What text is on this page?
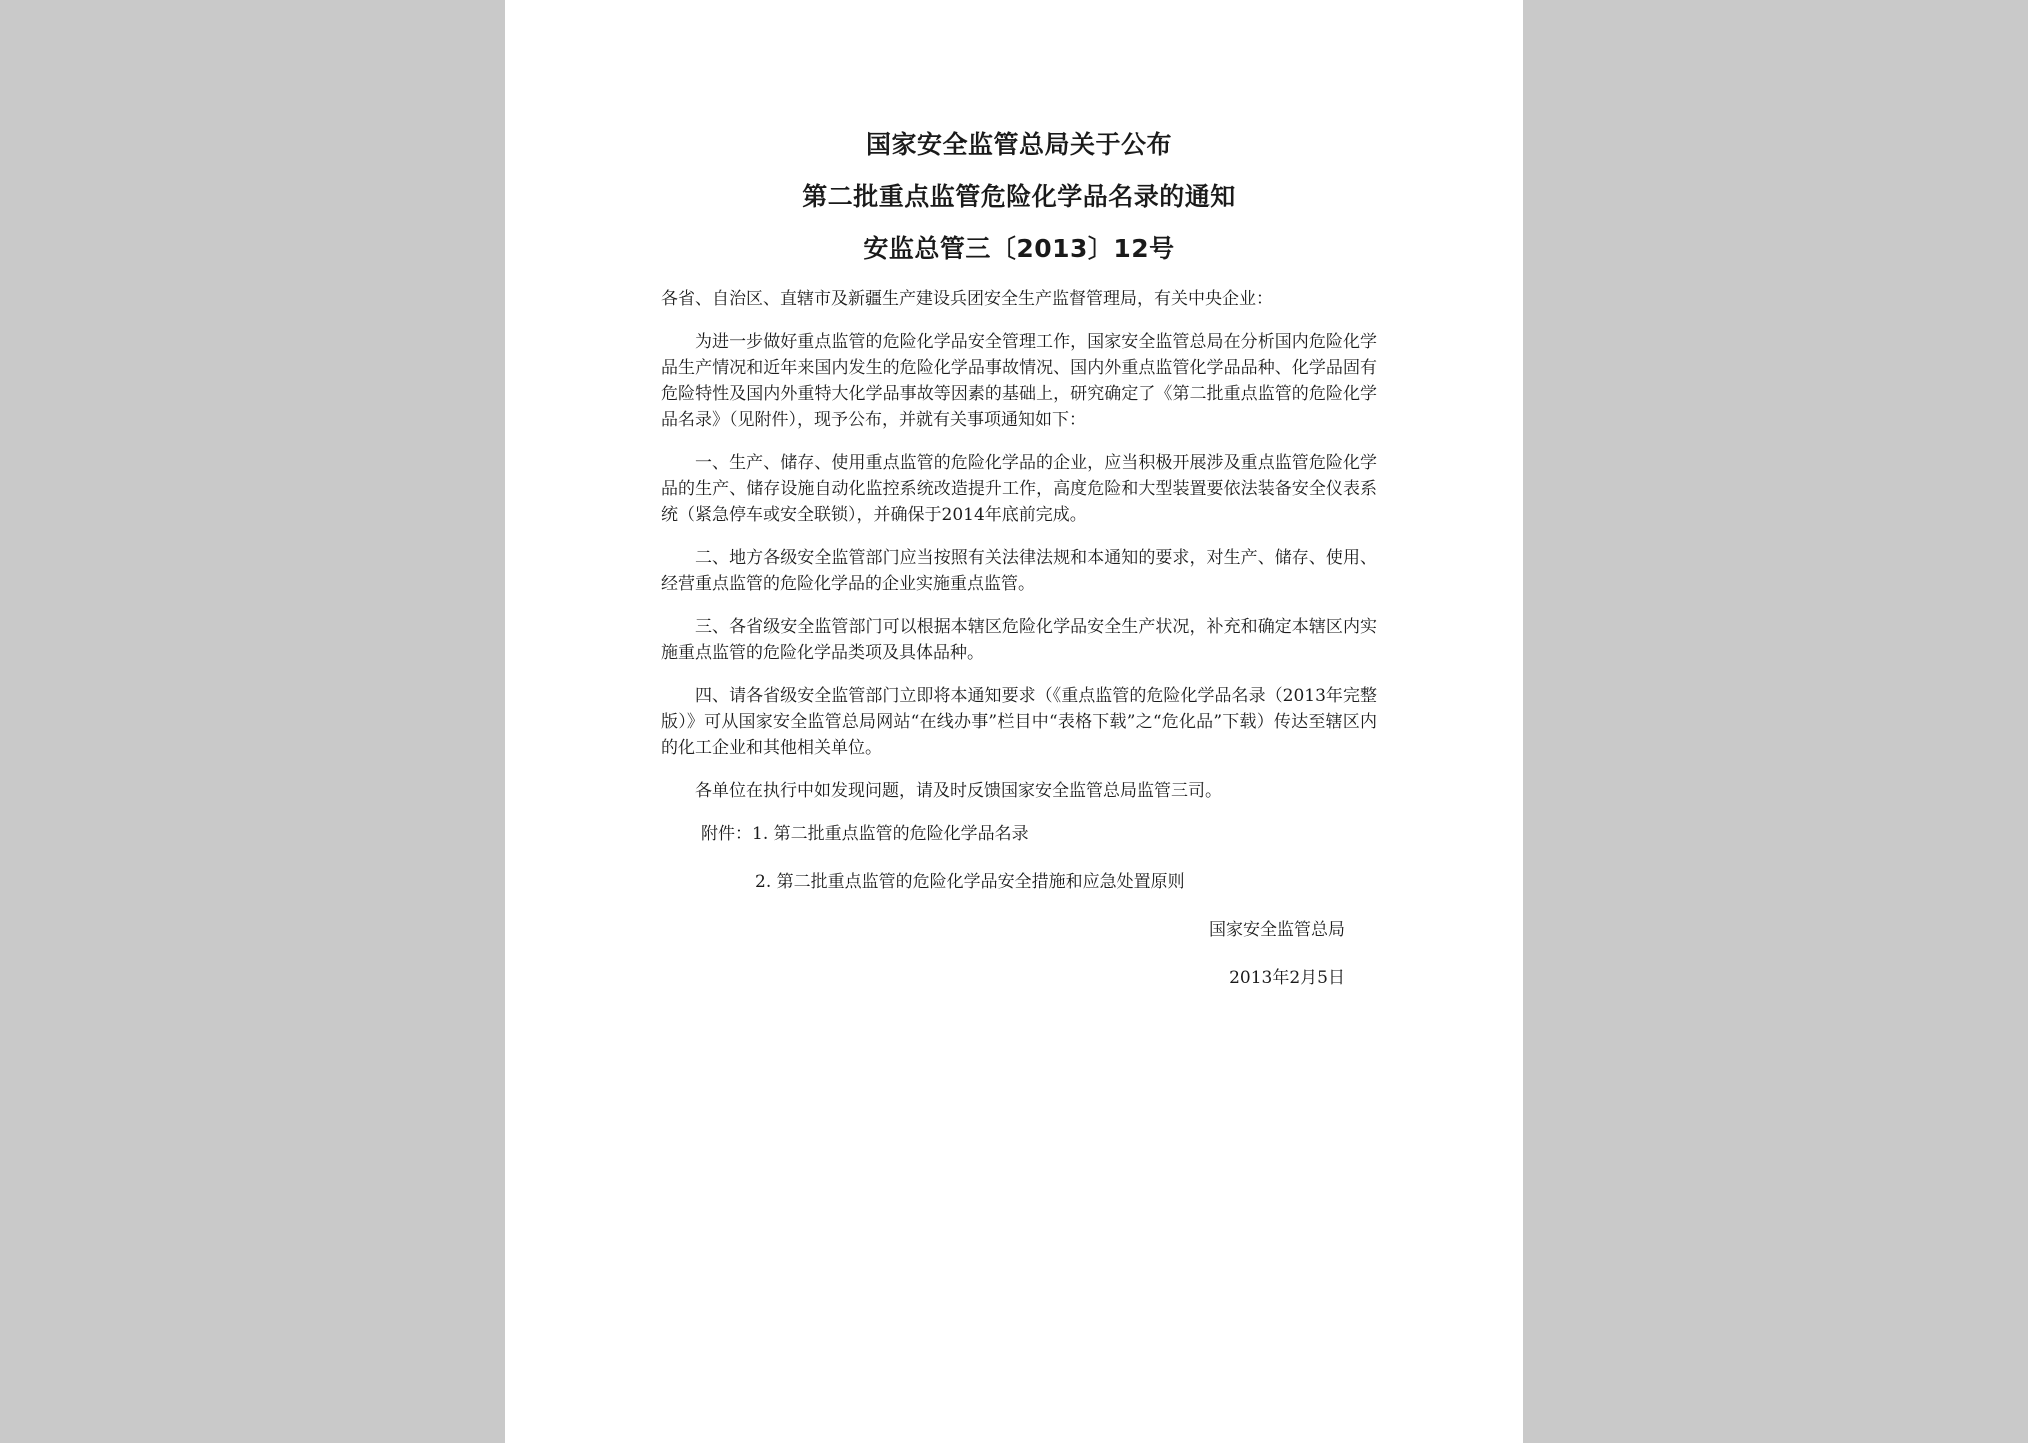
国家安全监管总局关于公布
第二批重点监管危险化学品名录的通知
安监总管三〔2013〕12号

各省、自治区、直辖市及新疆生产建设兵团安全生产监督管理局，有关中央企业：

为进一步做好重点监管的危险化学品安全管理工作，国家安全监管总局在分析国内危险化学品生产情况和近年来国内发生的危险化学品事故情况、国内外重点监管化学品品种、化学品固有危险特性及国内外重特大化学品事故等因素的基础上，研究确定了《第二批重点监管的危险化学品名录》（见附件），现予公布，并就有关事项通知如下：

一、生产、储存、使用重点监管的危险化学品的企业，应当积极开展涉及重点监管危险化学品的生产、储存设施自动化监控系统改造提升工作，高度危险和大型装置要依法装备安全仪表系统（紧急停车或安全联锁），并确保于2014年底前完成。

二、地方各级安全监管部门应当按照有关法律法规和本通知的要求，对生产、储存、使用、经营重点监管的危险化学品的企业实施重点监管。

三、各省级安全监管部门可以根据本辖区危险化学品安全生产状况，补充和确定本辖区内实施重点监管的危险化学品类项及具体品种。

四、请各省级安全监管部门立即将本通知要求（《重点监管的危险化学品名录（2013年完整版）》可从国家安全监管总局网站“在线办事”栏目中“表格下载”之“危化品”下载）传达至辖区内的化工企业和其他相关单位。

各单位在执行中如发现问题，请及时反馈国家安全监管总局监管三司。

附件：1. 第二批重点监管的危险化学品名录

2. 第二批重点监管的危险化学品安全措施和应急处置原则

国家安全监管总局

2013年2月5日
